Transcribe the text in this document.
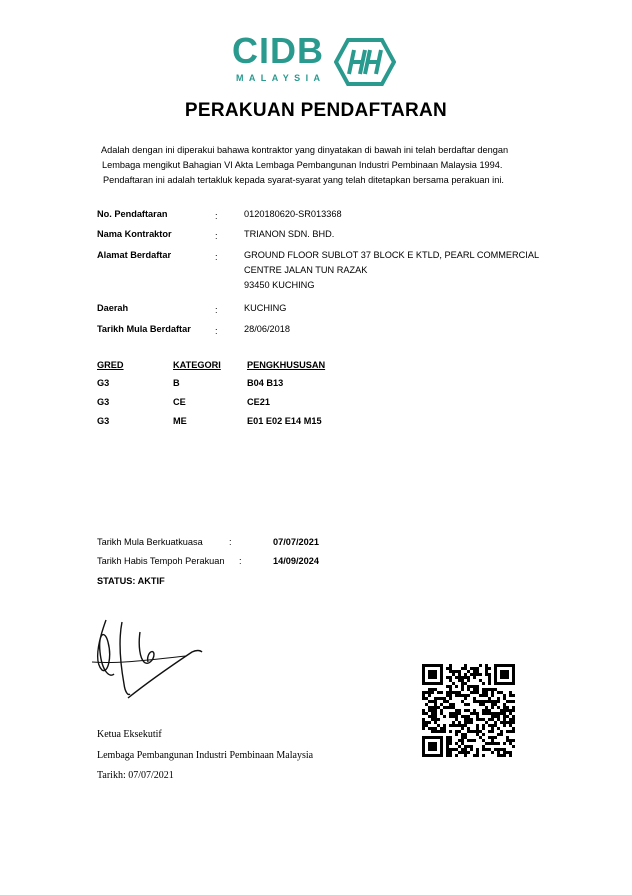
CIDB
MALAYSIA
PERAKUAN PENDAFTARAN
Adalah dengan ini diperakui bahawa kontraktor yang dinyatakan di bawah ini telah berdaftar dengan
Lembaga mengikut Bahagian VI Akta Lembaga Pembangunan Industri Pembinaan Malaysia 1994.
Pendaftaran ini adalah tertakluk kepada syarat-syarat yang telah ditetapkan bersama perakuan ini.
No. Pendaftaran	:	0120180620-SR013368
Nama Kontraktor	:	TRIANON SDN. BHD.
Alamat Berdaftar	:	GROUND FLOOR SUBLOT 37 BLOCK E KTLD, PEARL COMMERCIAL
CENTRE JALAN TUN RAZAK
93450 KUCHING
Daerah	:	KUCHING
Tarikh Mula Berdaftar	:	28/06/2018
GRED	KATEGORI	PENGKHUSUSAN
G3	B	B04 B13
G3	CE	CE21
G3	ME	E01 E02 E14 M15
Tarikh Mula Berkuatkuasa	:	07/07/2021
Tarikh Habis Tempoh Perakuan :	14/09/2024
STATUS: AKTIF
Ketua Eksekutif
Lembaga Pembangunan Industri Pembinaan Malaysia
Tarikh: 07/07/2021
